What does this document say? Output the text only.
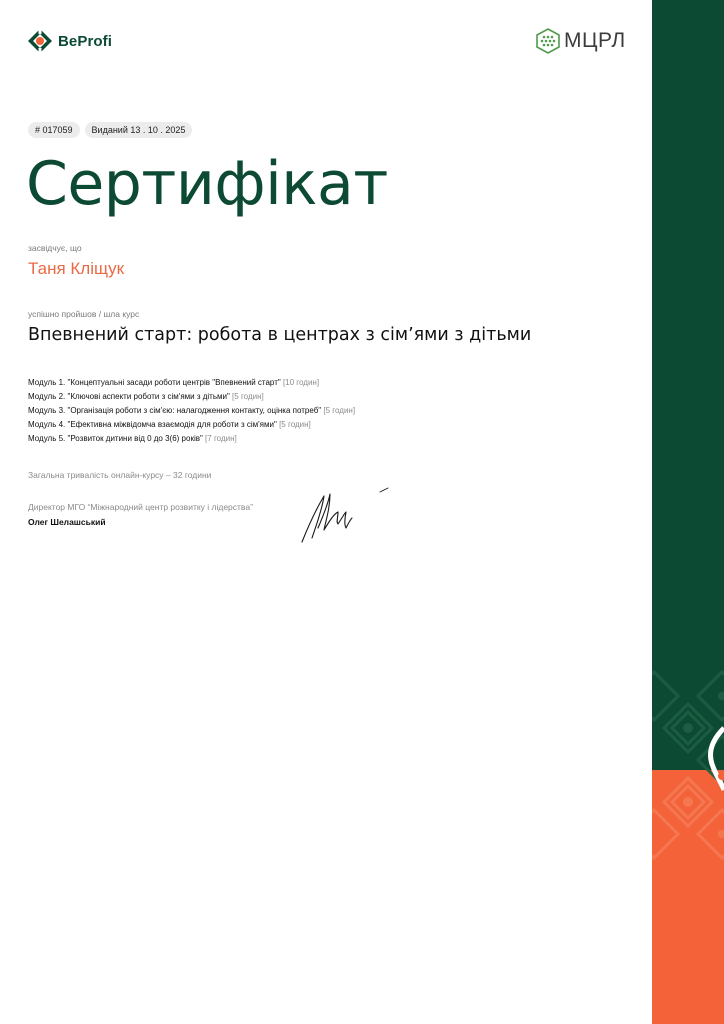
BeProfi	МЦРЛ
# 017059	Виданий 13 . 10 . 2025
Сертифікат
засвідчує, що
Таня Кліщук
успішно пройшов / шла курс
Впевнений старт: робота в центрах з сім’ями з дітьми
Модуль 1. "Концептуальні засади роботи центрів "Впевнений старт" [10 годин]
Модуль 2. "Ключові аспекти роботи з сім'ями з дітьми" [5 годин]
Модуль 3. "Організація роботи з сім'єю: налагодження контакту, оцінка потреб" [5 годин]
Модуль 4. "Ефективна міжвідомча взаємодія для роботи з сім'ями" [5 годин]
Модуль 5. "Розвиток дитини від 0 до 3(6) років" [7 годин]
Загальна тривалість онлайн-курсу – 32 години
Директор МГО “Міжнародний центр розвитку і лідерства”
Олег Шелашський
